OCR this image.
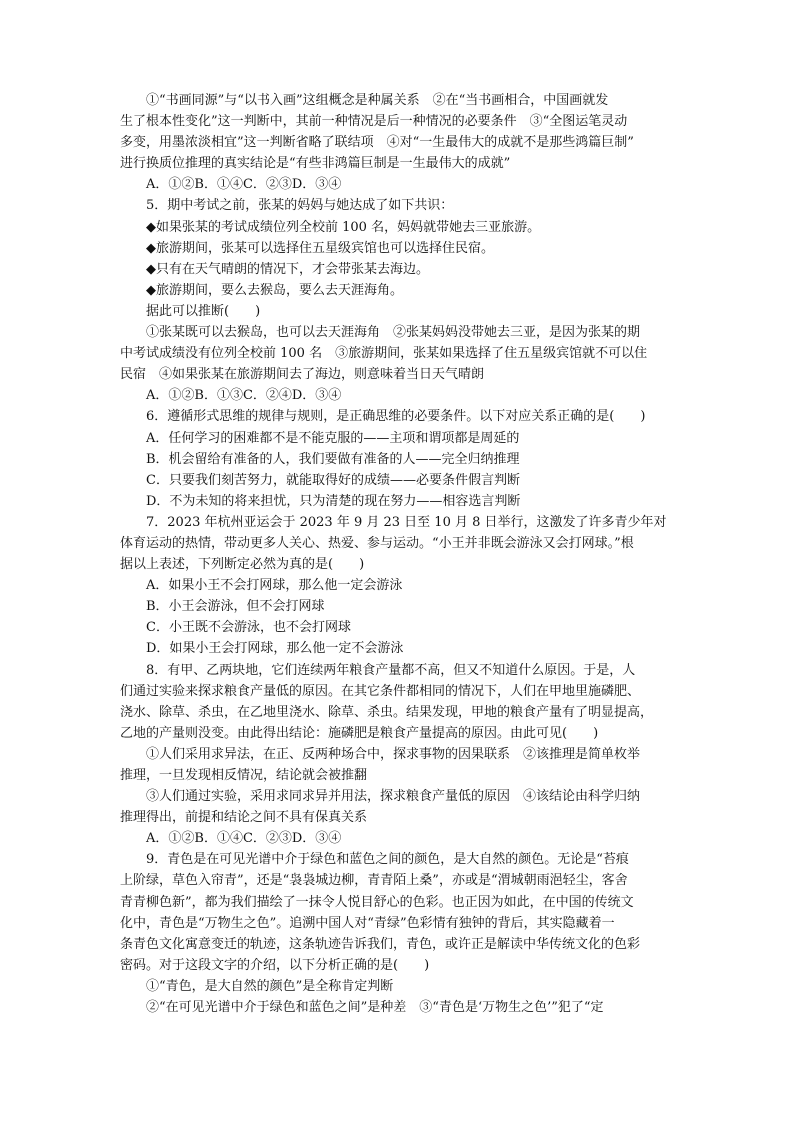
①“书画同源”与“以书入画”这组概念是种属关系　②在“当书画相合，中国画就发
生了根本性变化”这一判断中，其前一种情况是后一种情况的必要条件　③“全图运笔灵动
多变，用墨浓淡相宜”这一判断省略了联结项　④对“一生最伟大的成就不是那些鸿篇巨制”
进行换质位推理的真实结论是“有些非鸿篇巨制是一生最伟大的成就”
A．①②B．①④C．②③D．③④
5．期中考试之前，张某的妈妈与她达成了如下共识：
◆如果张某的考试成绩位列全校前 100 名，妈妈就带她去三亚旅游。
◆旅游期间，张某可以选择住五星级宾馆也可以选择住民宿。
◆只有在天气晴朗的情况下，才会带张某去海边。
◆旅游期间，要么去猴岛，要么去天涯海角。
据此可以推断(　　)
①张某既可以去猴岛，也可以去天涯海角　②张某妈妈没带她去三亚，是因为张某的期
中考试成绩没有位列全校前 100 名　③旅游期间，张某如果选择了住五星级宾馆就不可以住
民宿　④如果张某在旅游期间去了海边，则意味着当日天气晴朗
A．①②B．①③C．②④D．③④
6．遵循形式思维的规律与规则，是正确思维的必要条件。以下对应关系正确的是(　　)
A．任何学习的困难都不是不能克服的——主项和谓项都是周延的
B．机会留给有准备的人，我们要做有准备的人——完全归纳推理
C．只要我们刻苦努力，就能取得好的成绩——必要条件假言判断
D．不为未知的将来担忧，只为清楚的现在努力——相容选言判断
7．2023 年杭州亚运会于 2023 年 9 月 23 日至 10 月 8 日举行，这激发了许多青少年对
体育运动的热情，带动更多人关心、热爱、参与运动。“小王并非既会游泳又会打网球。”根
据以上表述，下列断定必然为真的是(　　)
A．如果小王不会打网球，那么他一定会游泳
B．小王会游泳，但不会打网球
C．小王既不会游泳，也不会打网球
D．如果小王会打网球，那么他一定不会游泳
8．有甲、乙两块地，它们连续两年粮食产量都不高，但又不知道什么原因。于是，人
们通过实验来探求粮食产量低的原因。在其它条件都相同的情况下，人们在甲地里施磷肥、
浇水、除草、杀虫，在乙地里浇水、除草、杀虫。结果发现，甲地的粮食产量有了明显提高，
乙地的产量则没变。由此得出结论：施磷肥是粮食产量提高的原因。由此可见(　　)
①人们采用求异法，在正、反两种场合中，探求事物的因果联系　②该推理是简单枚举
推理，一旦发现相反情况，结论就会被推翻
③人们通过实验，采用求同求异并用法，探求粮食产量低的原因　④该结论由科学归纳
推理得出，前提和结论之间不具有保真关系
A．①②B．①④C．②③D．③④
9．青色是在可见光谱中介于绿色和蓝色之间的颜色，是大自然的颜色。无论是“苔痕
上阶绿，草色入帘青”，还是“袅袅城边柳，青青陌上桑”，亦或是“渭城朝雨浥轻尘，客舍
青青柳色新”，都为我们描绘了一抹令人悦目舒心的色彩。也正因为如此，在中国的传统文
化中，青色是“万物生之色”。追溯中国人对“青绿”色彩情有独钟的背后，其实隐藏着一
条青色文化寓意变迁的轨迹，这条轨迹告诉我们，青色，或许正是解读中华传统文化的色彩
密码。对于这段文字的介绍，以下分析正确的是(　　)
①“青色，是大自然的颜色”是全称肯定判断
②“在可见光谱中介于绿色和蓝色之间”是种差　③“青色是‘万物生之色’”犯了“定
